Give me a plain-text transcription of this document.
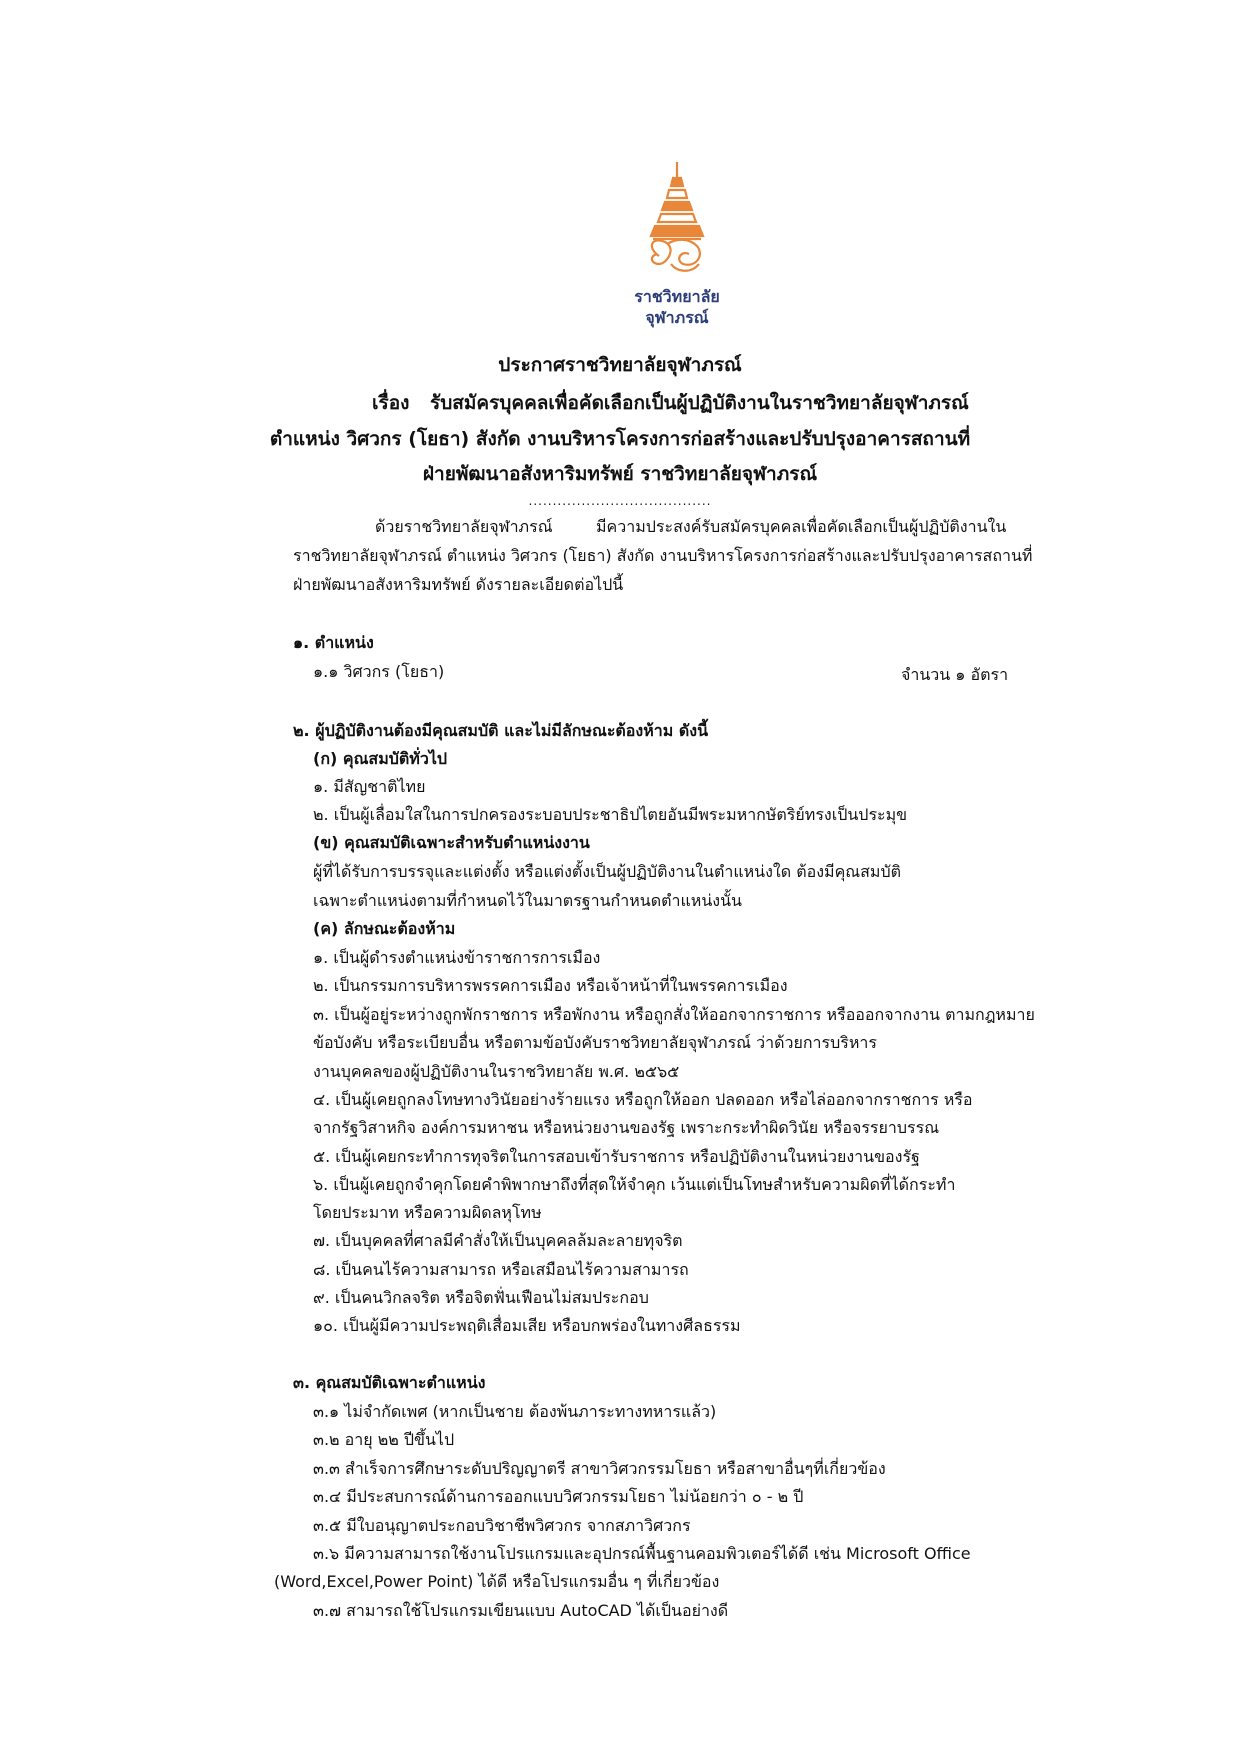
ราชวิทยาลัย
จุฬาภรณ์
ประกาศราชวิทยาลัยจุฬาภรณ์
เรื่อง รับสมัครบุคคลเพื่อคัดเลือกเป็นผู้ปฏิบัติงานในราชวิทยาลัยจุฬาภรณ์
ตำแหน่ง วิศวกร (โยธา) สังกัด งานบริหารโครงการก่อสร้างและปรับปรุงอาคารสถานที่
ฝ่ายพัฒนาอสังหาริมทรัพย์ ราชวิทยาลัยจุฬาภรณ์
......................................
ด้วยราชวิทยาลัยจุฬาภรณ์	มีความประสงค์รับสมัครบุคคลเพื่อคัดเลือกเป็นผู้ปฏิบัติงานใน
ราชวิทยาลัยจุฬาภรณ์ ตำแหน่ง วิศวกร (โยธา) สังกัด งานบริหารโครงการก่อสร้างและปรับปรุงอาคารสถานที่
ฝ่ายพัฒนาอสังหาริมทรัพย์ ดังรายละเอียดต่อไปนี้
๑. ตำแหน่ง
๑.๑ วิศวกร (โยธา)	จำนวน ๑ อัตรา
๒. ผู้ปฏิบัติงานต้องมีคุณสมบัติ และไม่มีลักษณะต้องห้าม ดังนี้
(ก) คุณสมบัติทั่วไป
๑. มีสัญชาติไทย
๒. เป็นผู้เลื่อมใสในการปกครองระบอบประชาธิปไตยอันมีพระมหากษัตริย์ทรงเป็นประมุข
(ข) คุณสมบัติเฉพาะสำหรับตำแหน่งงาน
ผู้ที่ได้รับการบรรจุและแต่งตั้ง หรือแต่งตั้งเป็นผู้ปฏิบัติงานในตำแหน่งใด ต้องมีคุณสมบัติ
เฉพาะตำแหน่งตามที่กำหนดไว้ในมาตรฐานกำหนดตำแหน่งนั้น
(ค) ลักษณะต้องห้าม
๑. เป็นผู้ดำรงตำแหน่งข้าราชการการเมือง
๒. เป็นกรรมการบริหารพรรคการเมือง หรือเจ้าหน้าที่ในพรรคการเมือง
๓. เป็นผู้อยู่ระหว่างถูกพักราชการ หรือพักงาน หรือถูกสั่งให้ออกจากราชการ หรือออกจากงาน ตามกฎหมาย
ข้อบังคับ หรือระเบียบอื่น หรือตามข้อบังคับราชวิทยาลัยจุฬาภรณ์ ว่าด้วยการบริหาร
งานบุคคลของผู้ปฏิบัติงานในราชวิทยาลัย พ.ศ. ๒๕๖๕
๔. เป็นผู้เคยถูกลงโทษทางวินัยอย่างร้ายแรง หรือถูกให้ออก ปลดออก หรือไล่ออกจากราชการ หรือ
จากรัฐวิสาหกิจ องค์การมหาชน หรือหน่วยงานของรัฐ เพราะกระทำผิดวินัย หรือจรรยาบรรณ
๕. เป็นผู้เคยกระทำการทุจริตในการสอบเข้ารับราชการ หรือปฏิบัติงานในหน่วยงานของรัฐ
๖. เป็นผู้เคยถูกจำคุกโดยคำพิพากษาถึงที่สุดให้จำคุก เว้นแต่เป็นโทษสำหรับความผิดที่ได้กระทำ
โดยประมาท หรือความผิดลหุโทษ
๗. เป็นบุคคลที่ศาลมีคำสั่งให้เป็นบุคคลล้มละลายทุจริต
๘. เป็นคนไร้ความสามารถ หรือเสมือนไร้ความสามารถ
๙. เป็นคนวิกลจริต หรือจิตฟั่นเฟือนไม่สมประกอบ
๑๐. เป็นผู้มีความประพฤติเสื่อมเสีย หรือบกพร่องในทางศีลธรรม
๓. คุณสมบัติเฉพาะตำแหน่ง
๓.๑ ไม่จำกัดเพศ (หากเป็นชาย ต้องพ้นภาระทางทหารแล้ว)
๓.๒ อายุ ๒๒ ปีขึ้นไป
๓.๓ สำเร็จการศึกษาระดับปริญญาตรี สาขาวิศวกรรมโยธา หรือสาขาอื่นๆที่เกี่ยวข้อง
๓.๔ มีประสบการณ์ด้านการออกแบบวิศวกรรมโยธา ไม่น้อยกว่า ๐ - ๒ ปี
๓.๕ มีใบอนุญาตประกอบวิชาชีพวิศวกร จากสภาวิศวกร
๓.๖ มีความสามารถใช้งานโปรแกรมและอุปกรณ์พื้นฐานคอมพิวเตอร์ได้ดี เช่น Microsoft Office
(Word,Excel,Power Point) ได้ดี หรือโปรแกรมอื่น ๆ ที่เกี่ยวข้อง
๓.๗ สามารถใช้โปรแกรมเขียนแบบ AutoCAD ได้เป็นอย่างดี
